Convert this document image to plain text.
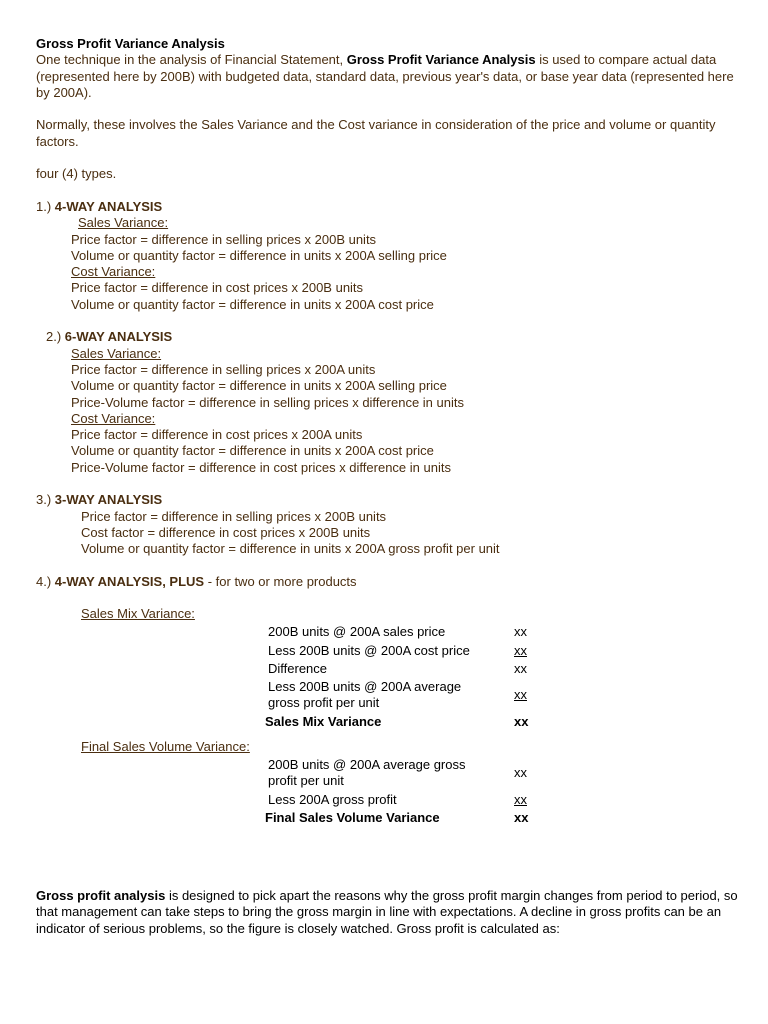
Gross Profit Variance Analysis
One technique in the analysis of Financial Statement, Gross Profit Variance Analysis is used to compare actual data (represented here by 200B) with budgeted data, standard data, previous year's data, or base year data (represented here by 200A).
Normally, these involves the Sales Variance and the Cost variance in consideration of the price and volume or quantity factors.
four (4) types.
1.) 4-WAY ANALYSIS
Sales Variance:
Price factor = difference in selling prices x 200B units
Volume or quantity factor = difference in units x 200A selling price
Cost Variance:
Price factor = difference in cost prices x 200B units
Volume or quantity factor = difference in units x 200A cost price
2.) 6-WAY ANALYSIS
Sales Variance:
Price factor = difference in selling prices x 200A units
Volume or quantity factor = difference in units x 200A selling price
Price-Volume factor = difference in selling prices x difference in units
Cost Variance:
Price factor = difference in cost prices x 200A units
Volume or quantity factor = difference in units x 200A cost price
Price-Volume factor = difference in cost prices x difference in units
3.) 3-WAY ANALYSIS
Price factor = difference in selling prices x 200B units
Cost factor = difference in cost prices x 200B units
Volume or quantity factor = difference in units x 200A gross profit per unit
4.) 4-WAY ANALYSIS, PLUS - for two or more products
Sales Mix Variance:
200B units @ 200A sales price	xx
Less 200B units @ 200A cost price	xx
Difference	xx
Less 200B units @ 200A average gross profit per unit
xx
Sales Mix Variance	xx
Final Sales Volume Variance:
200B units @ 200A average gross profit per unit
xx
Less 200A gross profit	xx
Final Sales Volume Variance	xx
Gross profit analysis is designed to pick apart the reasons why the gross profit margin changes from period to period, so that management can take steps to bring the gross margin in line with expectations. A decline in gross profits can be an indicator of serious problems, so the figure is closely watched. Gross profit is calculated as:
